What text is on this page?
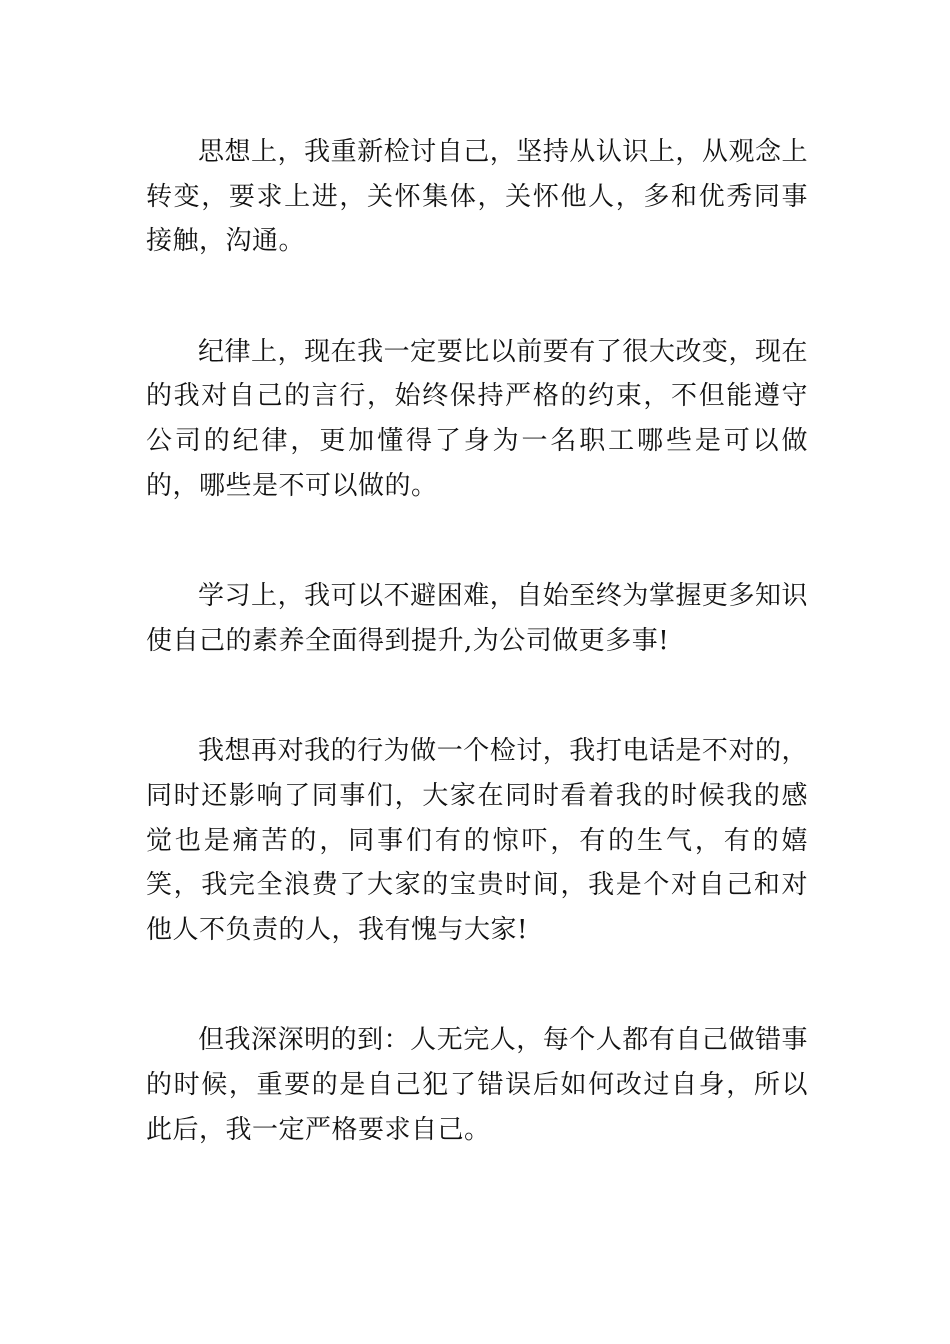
思想上，我重新检讨自己，坚持从认识上，从观念上转变，要求上进，关怀集体，关怀他人，多和优秀同事接触，沟通。

纪律上，现在我一定要比以前要有了很大改变，现在的我对自己的言行，始终保持严格的约束，不但能遵守公司的纪律，更加懂得了身为一名职工哪些是可以做的，哪些是不可以做的。

学习上，我可以不避困难，自始至终为掌握更多知识使自己的素养全面得到提升,为公司做更多事!

我想再对我的行为做一个检讨，我打电话是不对的，同时还影响了同事们，大家在同时看着我的时候我的感觉也是痛苦的，同事们有的惊吓，有的生气，有的嬉笑，我完全浪费了大家的宝贵时间，我是个对自己和对他人不负责的人，我有愧与大家!

但我深深明的到：人无完人，每个人都有自己做错事的时候，重要的是自己犯了错误后如何改过自身，所以此后，我一定严格要求自己。
